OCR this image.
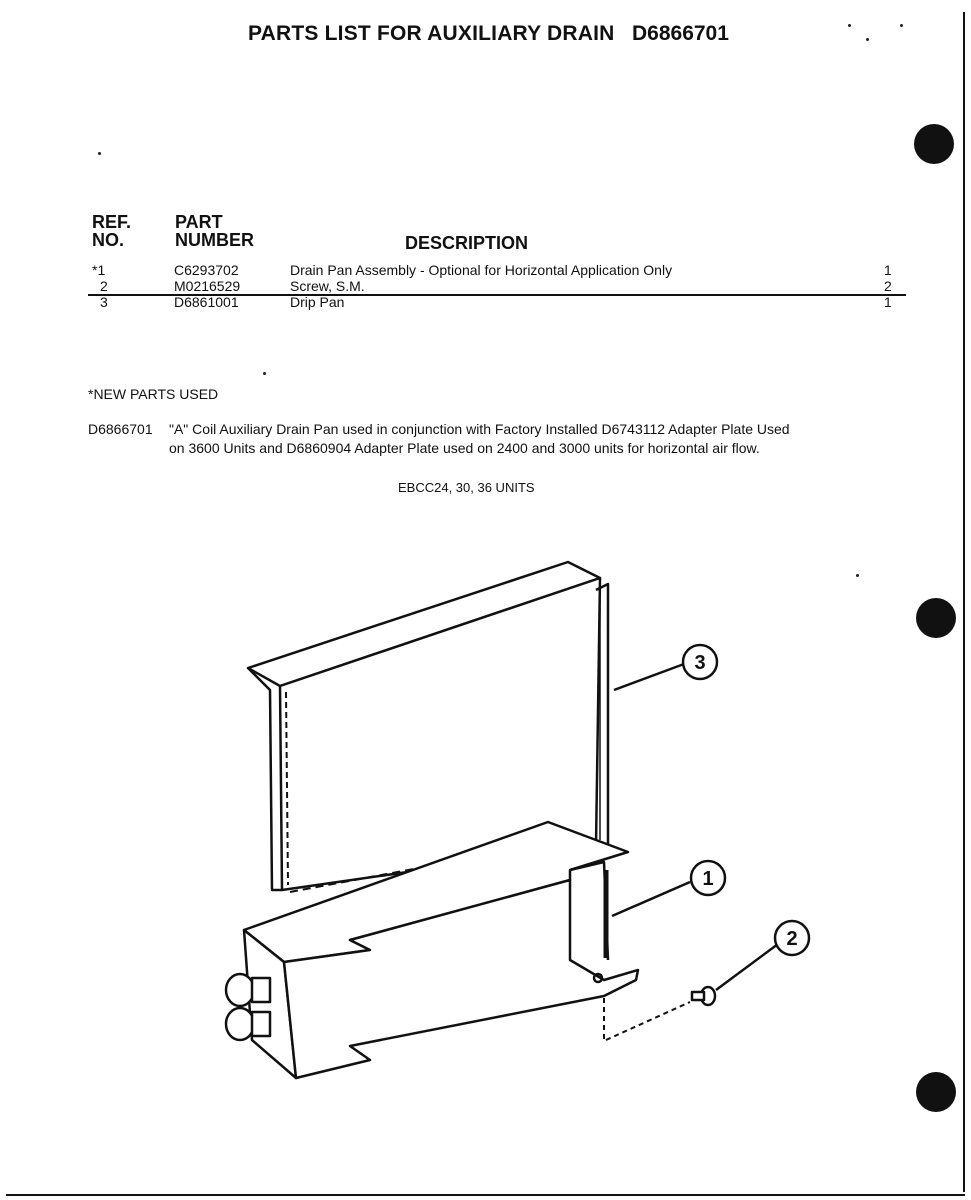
PARTS LIST FOR AUXILIARY DRAIN D6866701
REF.
NO.
PART
NUMBER	DESCRIPTION
*1	C6293702	Drain Pan Assembly - Optional for Horizontal Application Only	1
2	M0216529	Screw, S.M.	2
3	D6861001	Drip Pan	1
*NEW PARTS USED
D6866701 "A" Coil Auxiliary Drain Pan used in conjunction with Factory Installed D6743112 Adapter Plate Used
on 3600 Units and D6860904 Adapter Plate used on 2400 and 3000 units for horizontal air flow.
EBCC24, 30, 36 UNITS
3
1
2
